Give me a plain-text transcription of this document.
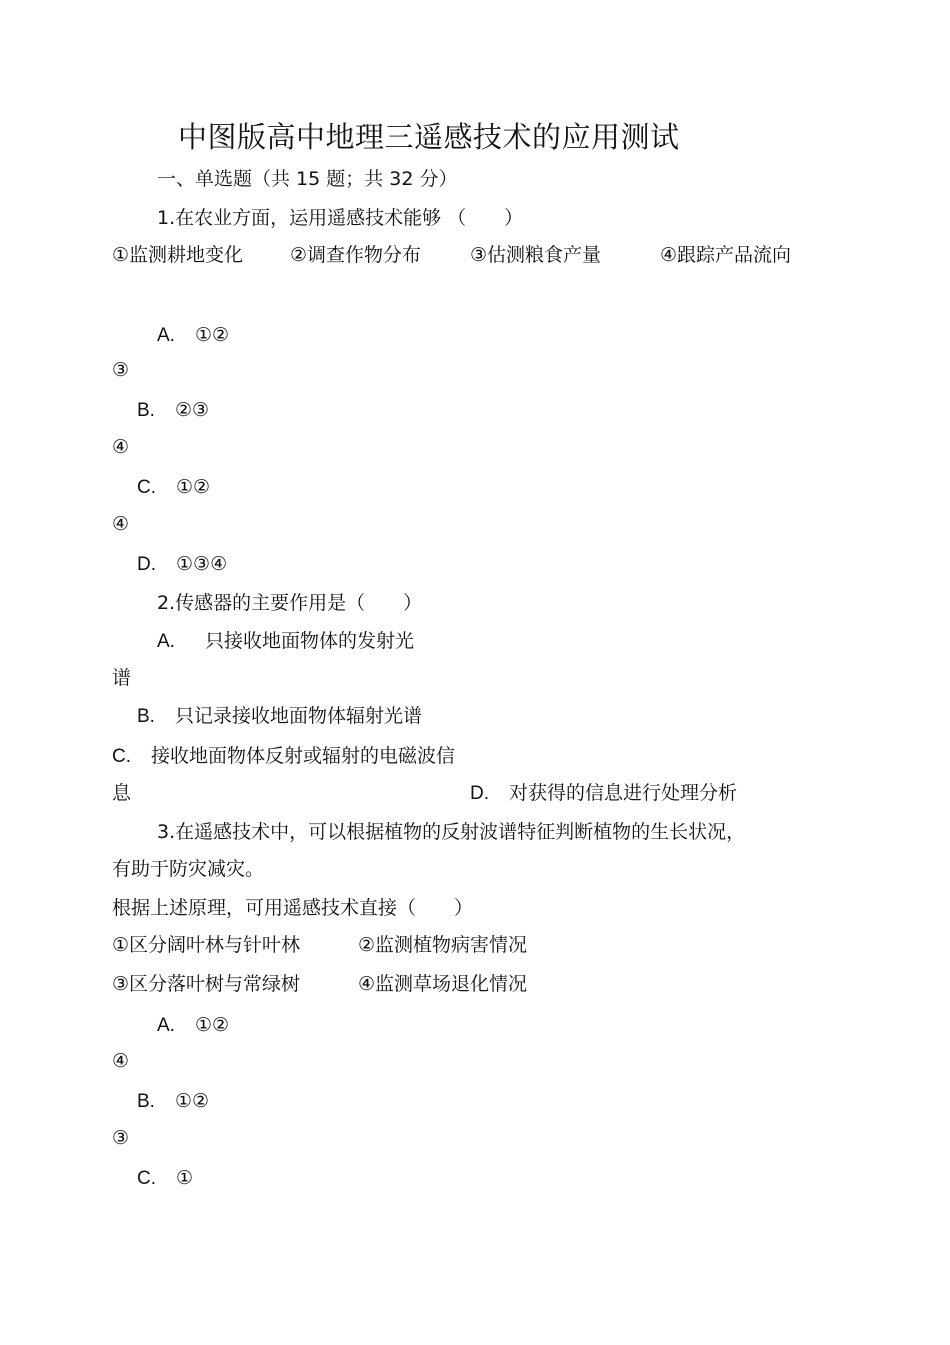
中图版高中地理三遥感技术的应用测试
一、单选题（共 15 题；共 32 分）
1.在农业方面，运用遥感技术能够 （　　）
①监测耕地变化 ②调查作物分布	③估测粮食产量	④跟踪产品流向
A. ①②
③
B. ②③
④
C. ①②
④
D. ①③④
2.传感器的主要作用是（　　）
A. 只接收地面物体的发射光
谱
B. 只记录接收地面物体辐射光谱
C. 接收地面物体反射或辐射的电磁波信
息	D. 对获得的信息进行处理分析
3.在遥感技术中，可以根据植物的反射波谱特征判断植物的生长状况，
有助于防灾减灾。
根据上述原理，可用遥感技术直接（　　）
①区分阔叶林与针叶林	②监测植物病害情况
③区分落叶树与常绿树	④监测草场退化情况
A. ①②
④
B. ①②
③
C. ①
